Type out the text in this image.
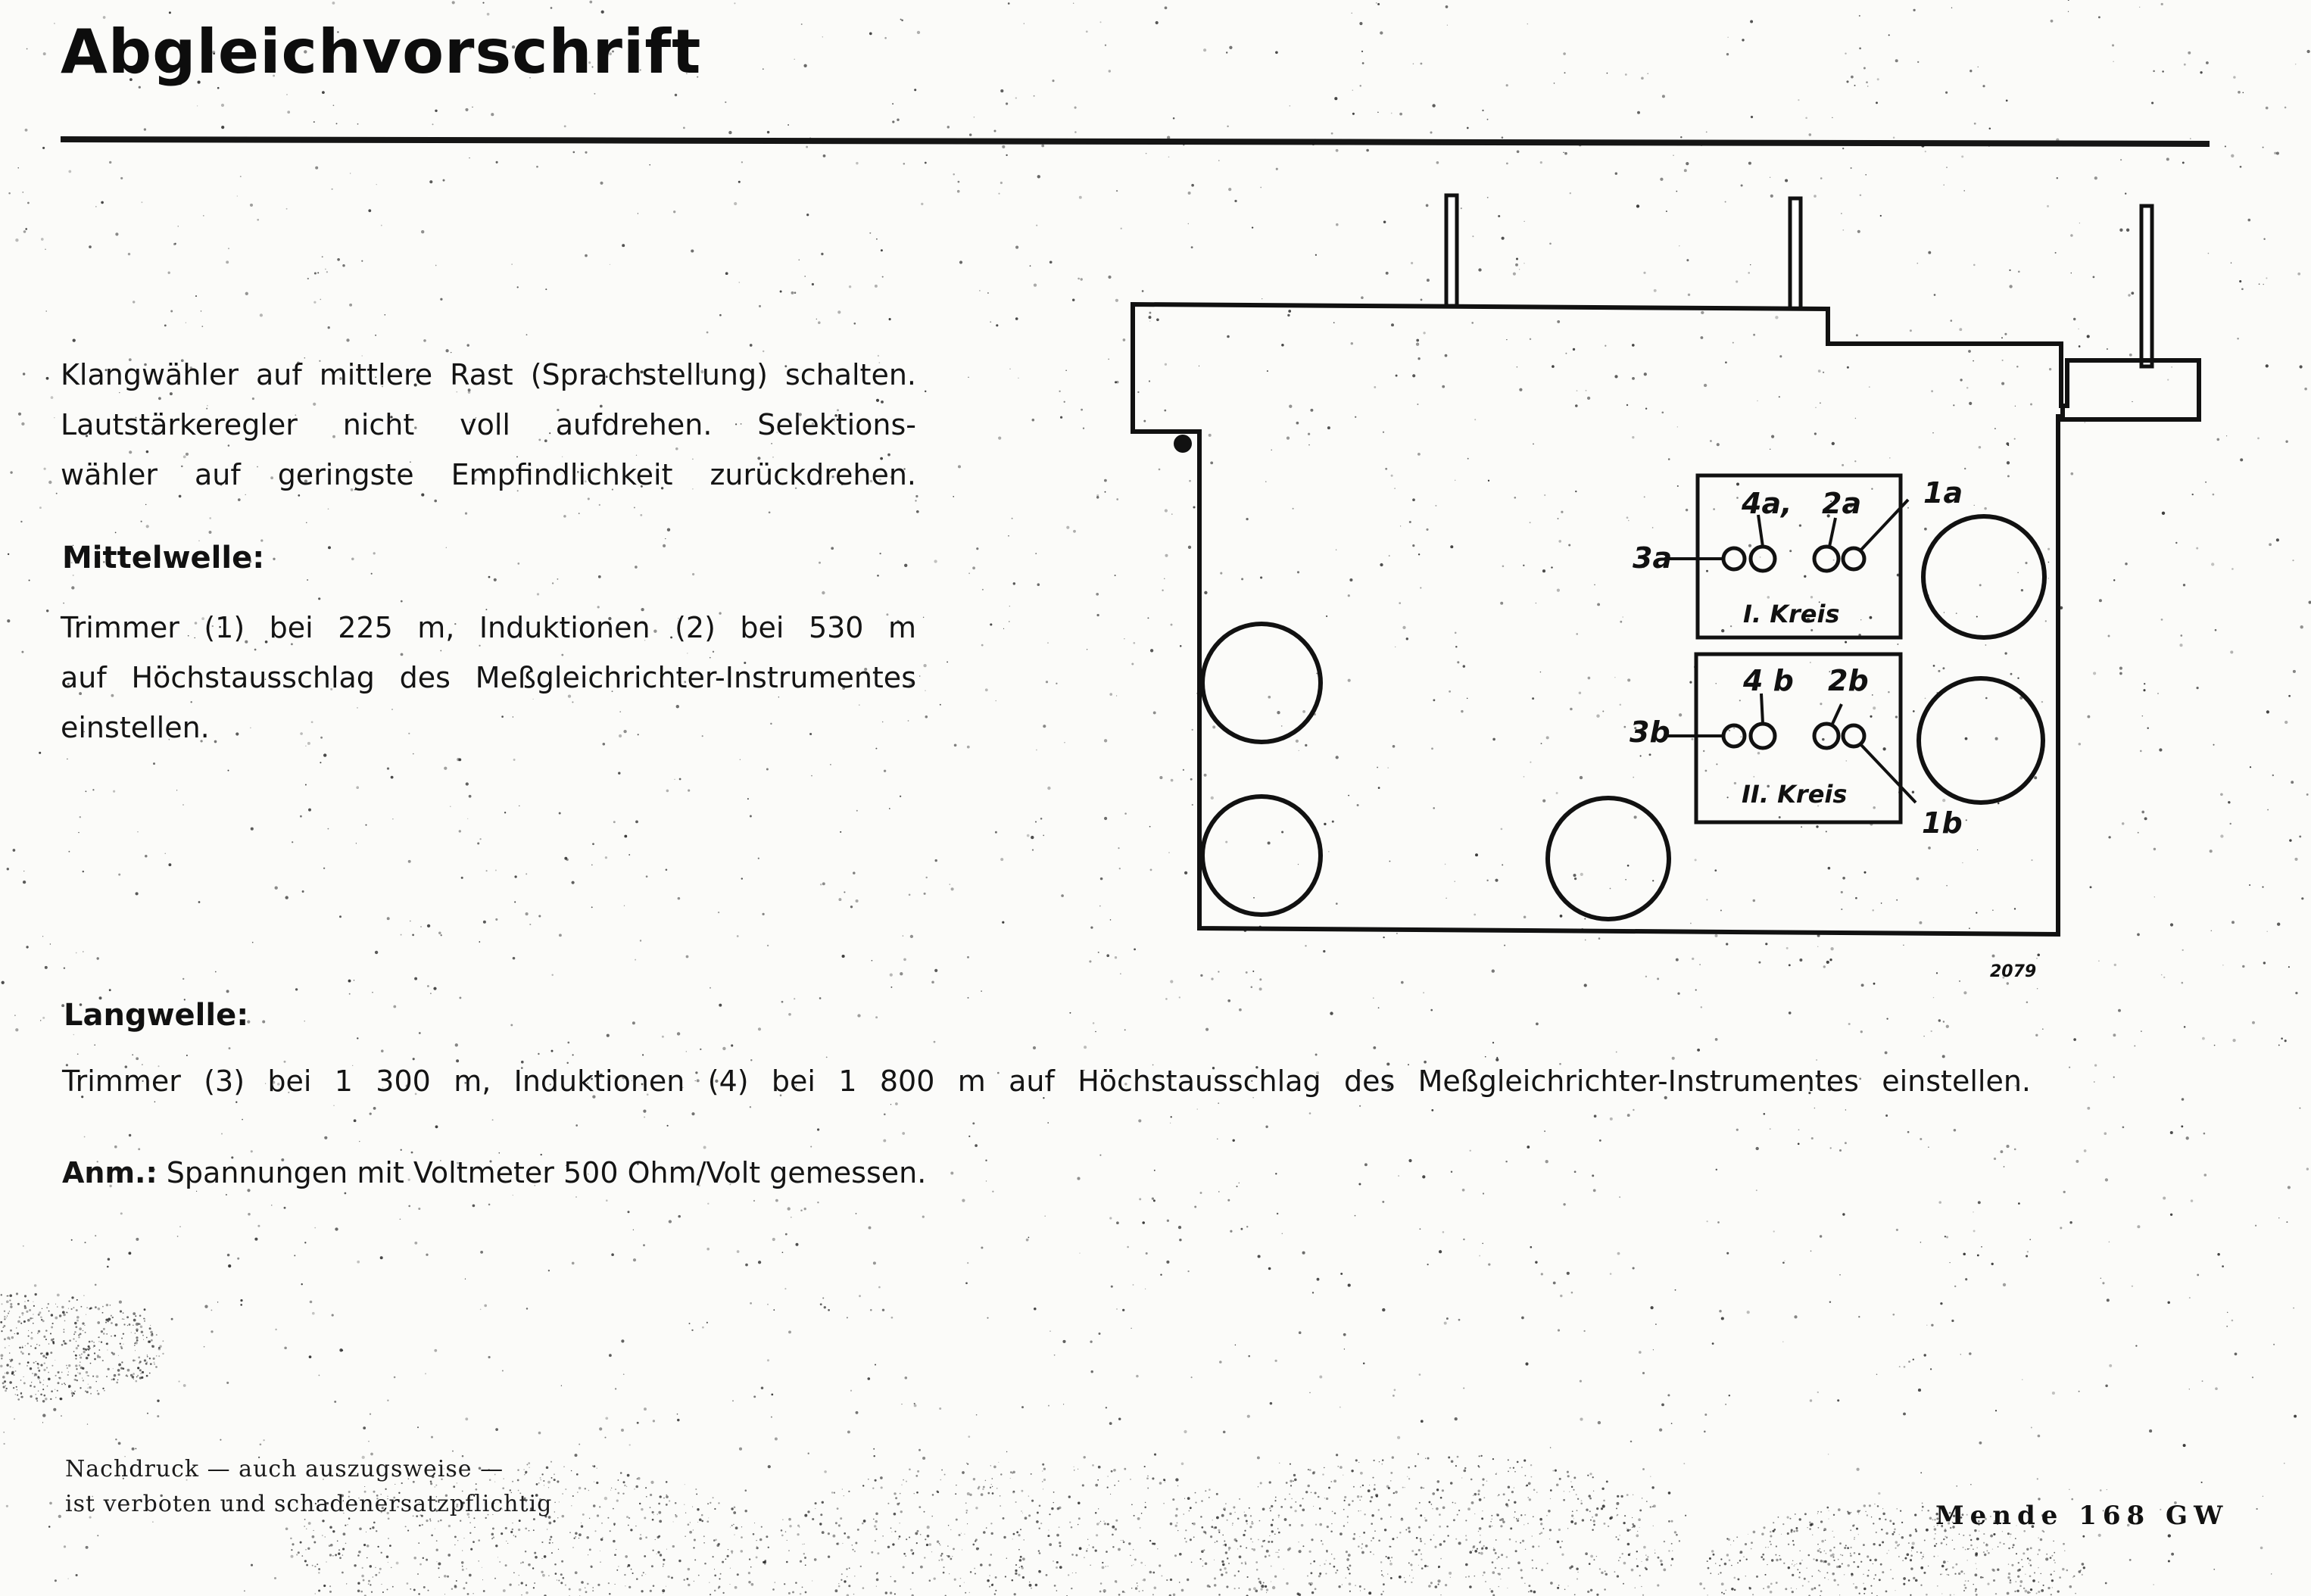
Abgleichvorschrift
Klangwähler auf mittlere Rast (Sprachstellung) schalten.
Lautstärkeregler nicht voll aufdrehen. Selektions-
wähler auf geringste Empfindlichkeit zurückdrehen.
Mittelwelle:
Trimmer (1) bei 225 m, Induktionen (2) bei 530 m
auf Höchstausschlag des Meßgleichrichter-Instrumentes
einstellen.
Langwelle:
Trimmer (3) bei 1 300 m, Induktionen (4) bei 1 800 m auf Höchstausschlag des Meßgleichrichter-Instrumentes einstellen.
Anm.: Spannungen mit Voltmeter 500 Ohm/Volt gemessen.
3a
4a, 2a 1a
I. Kreis
3b
4 b 2b
1b
II. Kreis
2079
Nachdruck — auch auszugsweise —
ist verboten und schadenersatzpflichtig	Mende 168 GW
